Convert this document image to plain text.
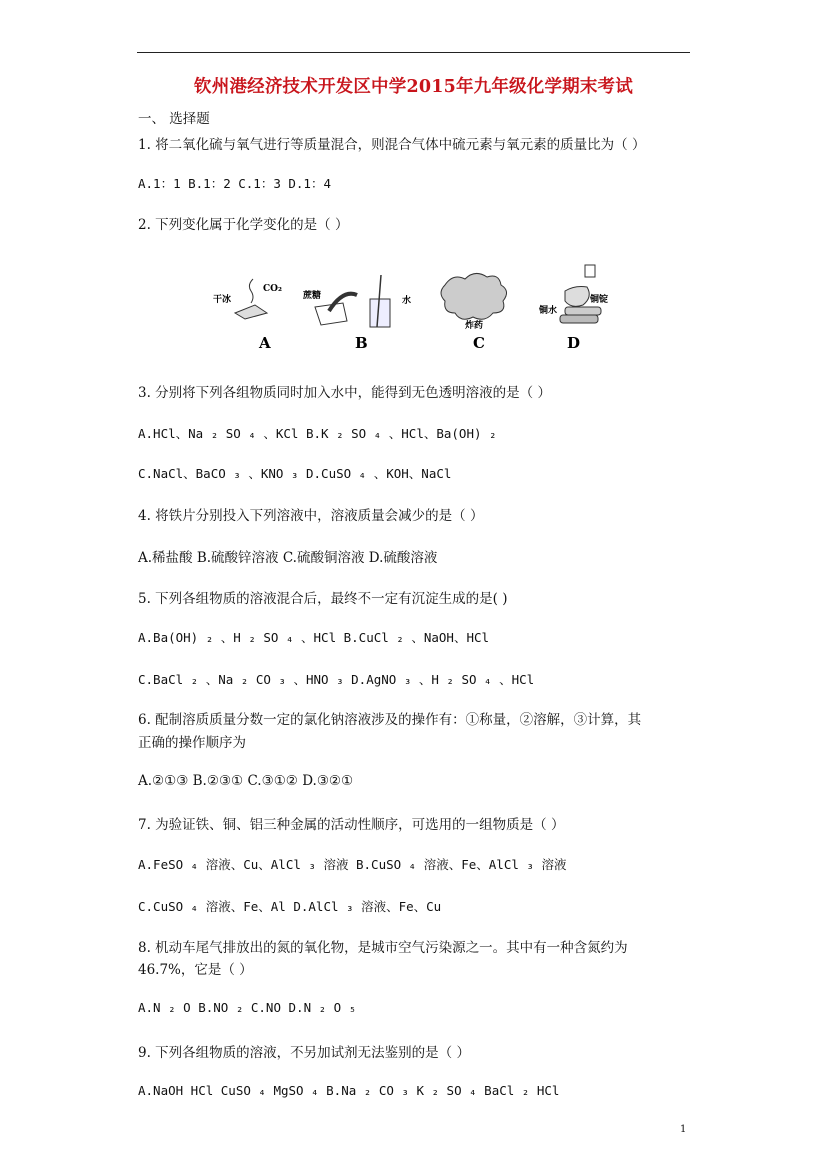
钦州港经济技术开发区中学2015年九年级化学期末考试
一、 选择题
1. 将二氧化硫与氧气进行等质量混合，则混合气体中硫元素与氧元素的质量比为（ ）
A.1：1 B.1：2 C.1：3 D.1：4
2. 下列变化属于化学变化的是（ ）
干冰
CO₂
A
蔗糖	水
B
炸药
C
铜水
铜锭
D
3. 分别将下列各组物质同时加入水中，能得到无色透明溶液的是（ ）
A.HCl、Na ₂ SO ₄ 、KCl B.K ₂ SO ₄ 、HCl、Ba(OH) ₂
C.NaCl、BaCO ₃ 、KNO ₃ D.CuSO ₄ 、KOH、NaCl
4. 将铁片分别投入下列溶液中，溶液质量会减少的是（ ）
A.稀盐酸 B.硫酸锌溶液 C.硫酸铜溶液 D.硫酸溶液
5. 下列各组物质的溶液混合后，最终不一定有沉淀生成的是( )
A.Ba(OH) ₂ 、H ₂ SO ₄ 、HCl B.CuCl ₂ 、NaOH、HCl
C.BaCl ₂ 、Na ₂ CO ₃ 、HNO ₃ D.AgNO ₃ 、H ₂ SO ₄ 、HCl
6. 配制溶质质量分数一定的氯化钠溶液涉及的操作有：①称量，②溶解，③计算，其
正确的操作顺序为
A.②①③ B.②③① C.③①② D.③②①
7. 为验证铁、铜、铝三种金属的活动性顺序，可选用的一组物质是（ ）
A.FeSO ₄ 溶液、Cu、AlCl ₃ 溶液 B.CuSO ₄ 溶液、Fe、AlCl ₃ 溶液
C.CuSO ₄ 溶液、Fe、Al D.AlCl ₃ 溶液、Fe、Cu
8. 机动车尾气排放出的氮的氧化物，是城市空气污染源之一。其中有一种含氮约为
46.7%，它是（ ）
A.N ₂ O B.NO ₂ C.NO D.N ₂ O ₅
9. 下列各组物质的溶液，不另加试剂无法鉴别的是（ ）
A.NaOH HCl CuSO ₄ MgSO ₄ B.Na ₂ CO ₃ K ₂ SO ₄ BaCl ₂ HCl
1
